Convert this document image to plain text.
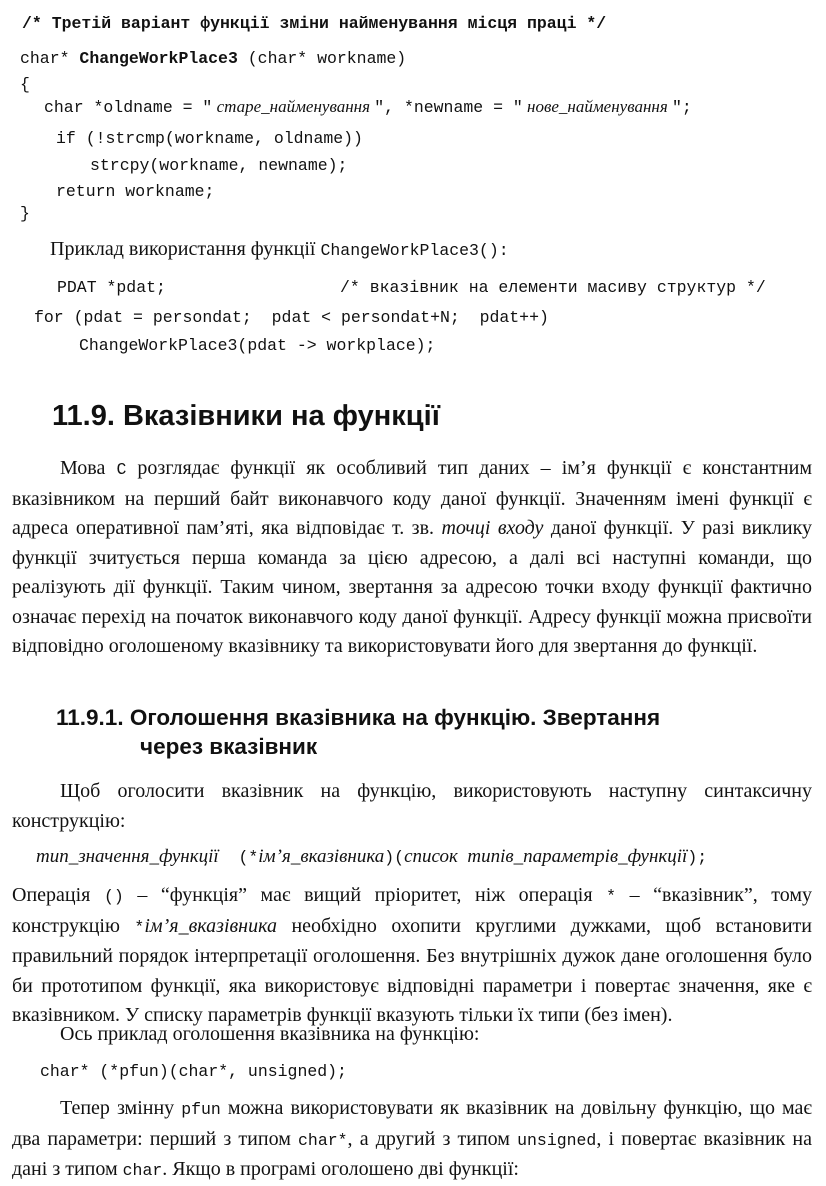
/* Третій варіант функції зміни найменування місця праці */
char* ChangeWorkPlace3 (char* workname)
{
char *oldname = " старе_найменування ", *newname = " нове_найменування ";
if (!strcmp(workname, oldname))
strcpy(workname, newname);
return workname;
}
Приклад використання функції ChangeWorkPlace3():
PDAT *pdat;	/* вказівник на елементи масиву структур */
for (pdat = persondat;  pdat < persondat+N;  pdat++)
ChangeWorkPlace3(pdat -> workplace);
11.9. Вказівники на функції
Мова C розглядає функції як особливий тип даних – ім’я функції є константним вказівником на перший байт виконавчого коду даної функції. Значенням імені функції є адреса оперативної пам’яті, яка відповідає т. зв. точці входу даної функції. У разі виклику функції зчитується перша команда за цією адресою, а далі всі наступні команди, що реалізують дії функції. Таким чином, звертання за адресою точки входу функції фактично означає перехід на початок виконавчого коду даної функції. Адресу функції можна присвоїти відповідно оголошеному вказівнику та використовувати його для звертання до функції.
11.9.1. Оголошення вказівника на функцію. Звертання
через вказівник
Щоб оголосити вказівник на функцію, використовують наступну синтаксичну конструкцію:
тип_значення_функції  (*ім’я_вказівника)(список  типів_параметрів_функції);
Операція () – “функція” має вищий пріоритет, ніж операція * – “вказівник”, тому конструкцію *ім’я_вказівника необхідно охопити круглими дужками, щоб встановити правильний порядок інтерпретації оголошення. Без внутрішніх дужок дане оголошення було би прототипом функції, яка використовує відповідні параметри і повертає значення, яке є вказівником. У списку параметрів функції вказують тільки їх типи (без імен).
Ось приклад оголошення вказівника на функцію:
char* (*pfun)(char*, unsigned);
Тепер змінну pfun можна використовувати як вказівник на довільну функцію, що має два параметри: перший з типом char*, а другий з типом unsigned, і повертає вказівник на дані з типом char. Якщо в програмі оголошено дві функції:
